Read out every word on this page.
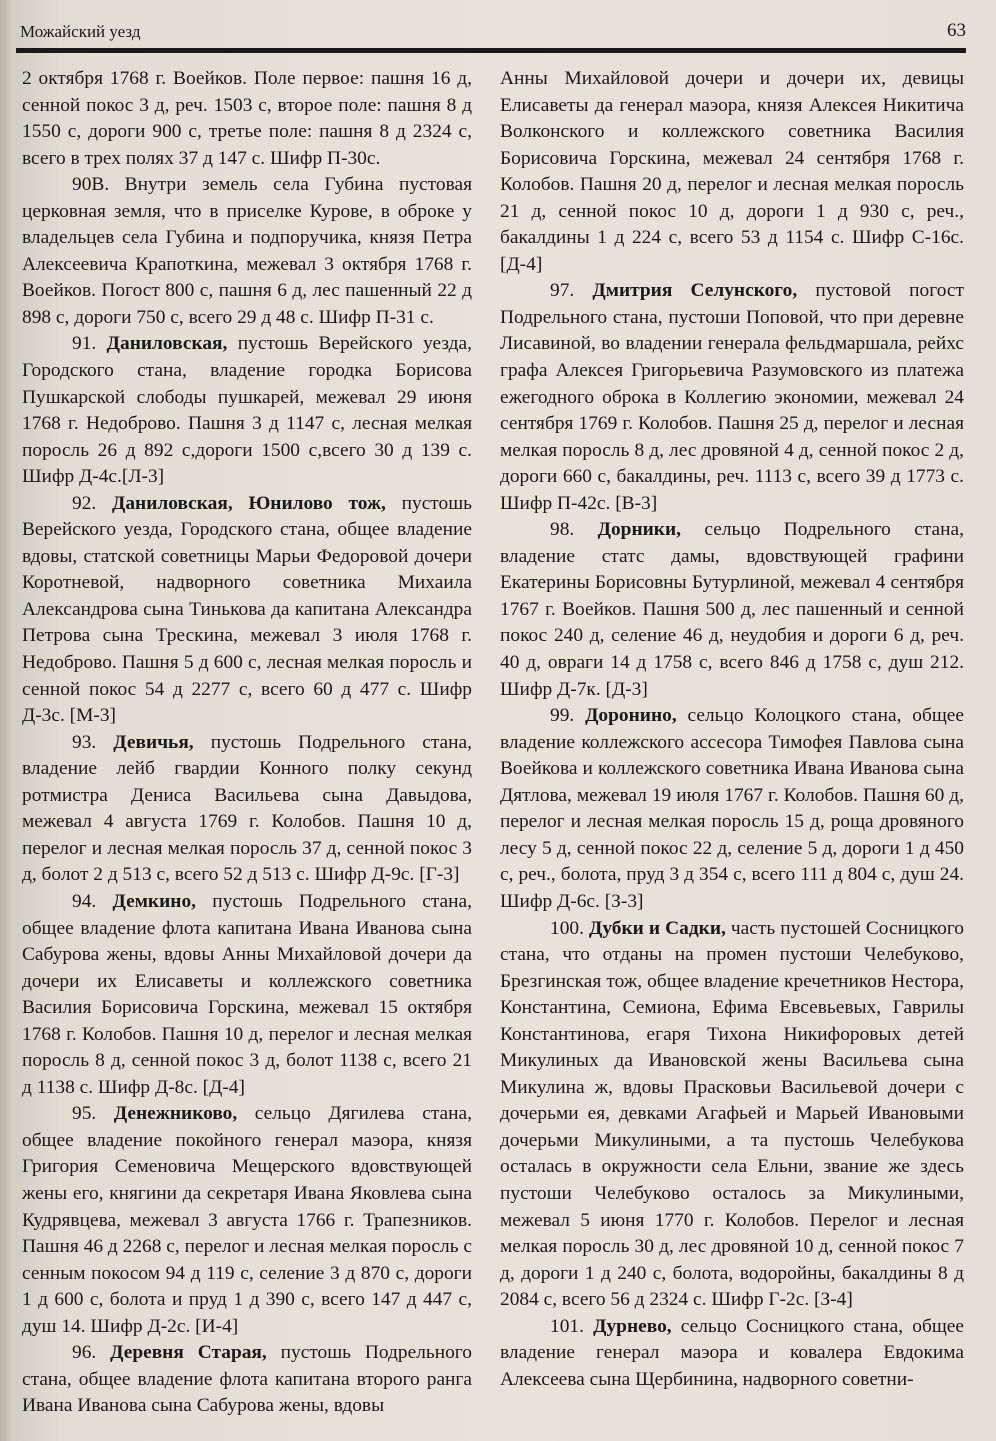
Можайский уезд	63

2 октября 1768 г. Воейков. Поле первое: пашня 16 д, сенной покос 3 д, реч. 1503 с, второе поле: пашня 8 д 1550 с, дороги 900 с, третье поле: пашня 8 д 2324 с, всего в трех полях 37 д 147 с. Шифр П-30с.

90В. Внутри земель села Губина пустовая церковная земля, что в приселке Курове, в оброке у владельцев села Губина и подпоручика, князя Петра Алексеевича Крапоткина, межевал 3 октября 1768 г. Воейков. Погост 800 с, пашня 6 д, лес пашенный 22 д 898 с, дороги 750 с, всего 29 д 48 с. Шифр П-31 с.

91. Даниловская, пустошь Верейского уезда, Городского стана, владение городка Борисова Пушкарской слободы пушкарей, межевал 29 июня 1768 г. Недоброво. Пашня 3 д 1147 с, лесная мелкая поросль 26 д 892 с,дороги 1500 с,всего 30 д 139 с. Шифр Д-4с.[Л-3]

92. Даниловская, Юнилово тож, пустошь Верейского уезда, Городского стана, общее владение вдовы, статской советницы Марьи Федоровой дочери Коротневой, надворного советника Михаила Александрова сына Тинькова да капитана Александра Петрова сына Трескина, межевал 3 июля 1768 г. Недоброво. Пашня 5 д 600 с, лесная мелкая поросль и сенной покос 54 д 2277 с, всего 60 д 477 с. Шифр Д-3с. [М-3]

93. Девичья, пустошь Подрельного стана, владение лейб гвардии Конного полку секунд ротмистра Дениса Васильева сына Давыдова, межевал 4 августа 1769 г. Колобов. Пашня 10 д, перелог и лесная мелкая поросль 37 д, сенной покос 3 д, болот 2 д 513 с, всего 52 д 513 с. Шифр Д-9с. [Г-3]

94. Демкино, пустошь Подрельного стана, общее владение флота капитана Ивана Иванова сына Сабурова жены, вдовы Анны Михайловой дочери да дочери их Елисаветы и коллежского советника Василия Борисовича Горскина, межевал 15 октября 1768 г. Колобов. Пашня 10 д, перелог и лесная мелкая поросль 8 д, сенной покос 3 д, болот 1138 с, всего 21 д 1138 с. Шифр Д-8с. [Д-4]

95. Денежниково, сельцо Дягилева стана, общее владение покойного генерал маэора, князя Григория Семеновича Мещерского вдовствующей жены его, княгини да секретаря Ивана Яковлева сына Кудрявцева, межевал 3 августа 1766 г. Трапезников. Пашня 46 д 2268 с, перелог и лесная мелкая поросль с сенным покосом 94 д 119 с, селение 3 д 870 с, дороги 1 д 600 с, болота и пруд 1 д 390 с, всего 147 д 447 с, душ 14. Шифр Д-2с. [И-4]

96. Деревня Старая, пустошь Подрельного стана, общее владение флота капитана второго ранга Ивана Иванова сына Сабурова жены, вдовы

Анны Михайловой дочери и дочери их, девицы Елисаветы да генерал маэора, князя Алексея Никитича Волконского и коллежского советника Василия Борисовича Горскина, межевал 24 сентября 1768 г. Колобов. Пашня 20 д, перелог и лесная мелкая поросль 21 д, сенной покос 10 д, дороги 1 д 930 с, реч., бакалдины 1 д 224 с, всего 53 д 1154 с. Шифр С-16с. [Д-4]

97. Дмитрия Селунского, пустовой погост Подрельного стана, пустоши Поповой, что при деревне Лисавиной, во владении генерала фельдмаршала, рейхс графа Алексея Григорьевича Разумовского из платежа ежегодного оброка в Коллегию экономии, межевал 24 сентября 1769 г. Колобов. Пашня 25 д, перелог и лесная мелкая поросль 8 д, лес дровяной 4 д, сенной покос 2 д, дороги 660 с, бакалдины, реч. 1113 с, всего 39 д 1773 с. Шифр П-42с. [В-3]

98. Дорники, сельцо Подрельного стана, владение статс дамы, вдовствующей графини Екатерины Борисовны Бутурлиной, межевал 4 сентября 1767 г. Воейков. Пашня 500 д, лес пашенный и сенной покос 240 д, селение 46 д, неудобия и дороги 6 д, реч. 40 д, овраги 14 д 1758 с, всего 846 д 1758 с, душ 212. Шифр Д-7к. [Д-3]

99. Доронино, сельцо Колоцкого стана, общее владение коллежского ассесора Тимофея Павлова сына Воейкова и коллежского советника Ивана Иванова сына Дятлова, межевал 19 июля 1767 г. Колобов. Пашня 60 д, перелог и лесная мелкая поросль 15 д, роща дровяного лесу 5 д, сенной покос 22 д, селение 5 д, дороги 1 д 450 с, реч., болота, пруд 3 д 354 с, всего 111 д 804 с, душ 24. Шифр Д-6с. [З-3]

100. Дубки и Садки, часть пустошей Сосницкого стана, что отданы на промен пустоши Челебуково, Брезгинская тож, общее владение кречетников Нестора, Константина, Семиона, Ефима Евсевьевых, Гаврилы Константинова, егаря Тихона Никифоровых детей Микулиных да Ивановской жены Васильева сына Микулина ж, вдовы Прасковьи Васильевой дочери с дочерьми ея, девками Агафьей и Марьей Ивановыми дочерьми Микулиными, а та пустошь Челебукова осталась в окружности села Ельни, звание же здесь пустоши Челебуково осталось за Микулиными, межевал 5 июня 1770 г. Колобов. Перелог и лесная мелкая поросль 30 д, лес дровяной 10 д, сенной покос 7 д, дороги 1 д 240 с, болота, водоройны, бакалдины 8 д 2084 с, всего 56 д 2324 с. Шифр Г-2с. [З-4]

101. Дурнево, сельцо Сосницкого стана, общее владение генерал маэора и ковалера Евдокима Алексеева сына Щербинина, надворного советни-
